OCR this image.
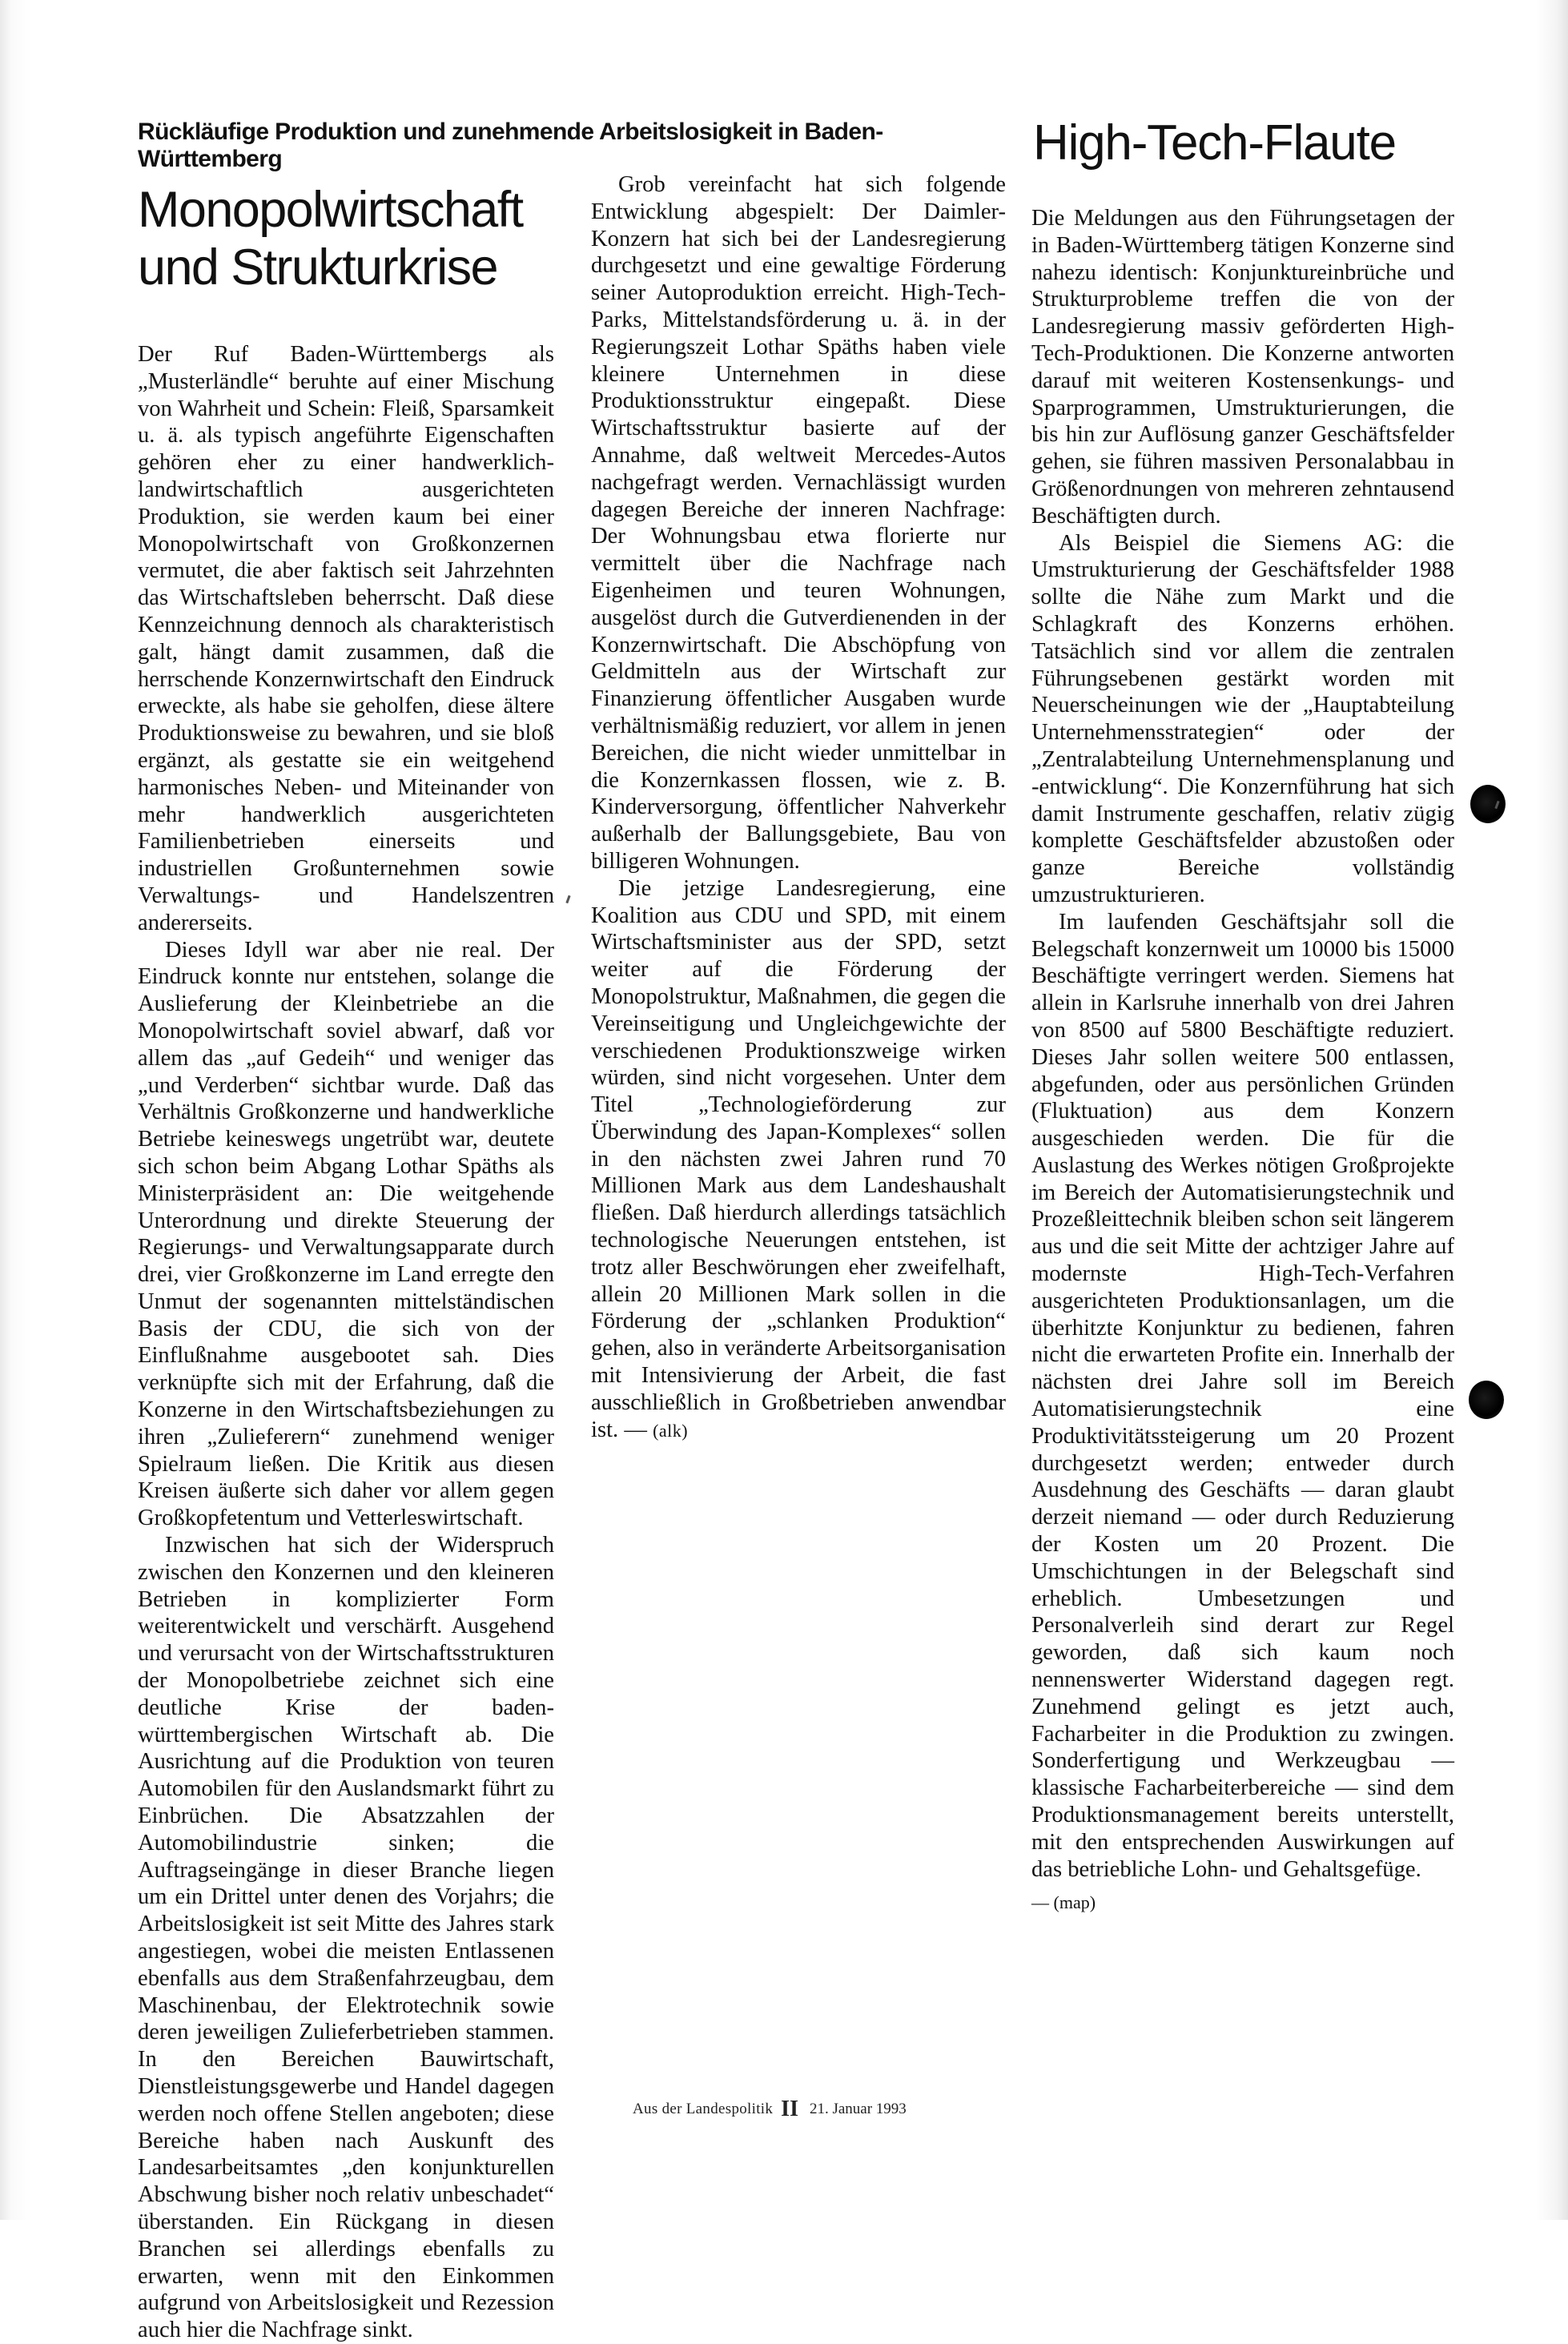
Rückläufige Produktion und zunehmende Arbeitslosigkeit in Baden-Württemberg
Monopolwirtschaft
und Strukturkrise
High-Tech-Flaute

Der Ruf Baden-Württembergs als „Musterländle“ beruhte auf einer Mischung von Wahrheit und Schein: Fleiß, Sparsamkeit u. ä. als typisch angeführte Eigenschaften gehören eher zu einer handwerklich-landwirtschaftlich ausgerichteten Produktion, sie werden kaum bei einer Monopolwirtschaft von Großkonzernen vermutet, die aber faktisch seit Jahrzehnten das Wirtschaftsleben beherrscht. Daß diese Kennzeichnung dennoch als charakteristisch galt, hängt damit zusammen, daß die herrschende Konzernwirtschaft den Eindruck erweckte, als habe sie geholfen, diese ältere Produktionsweise zu bewahren, und sie bloß ergänzt, als gestatte sie ein weitgehend harmonisches Neben- und Miteinander von mehr handwerklich ausgerichteten Familienbetrieben einerseits und industriellen Großunternehmen sowie Verwaltungs- und Handelszentren andererseits.

Dieses Idyll war aber nie real. Der Eindruck konnte nur entstehen, solange die Auslieferung der Kleinbetriebe an die Monopolwirtschaft soviel abwarf, daß vor allem das „auf Gedeih“ und weniger das „und Verderben“ sichtbar wurde. Daß das Verhältnis Großkonzerne und handwerkliche Betriebe keineswegs ungetrübt war, deutete sich schon beim Abgang Lothar Späths als Ministerpräsident an: Die weitgehende Unterordnung und direkte Steuerung der Regierungs- und Verwaltungsapparate durch drei, vier Großkonzerne im Land erregte den Unmut der sogenannten mittelständischen Basis der CDU, die sich von der Einflußnahme ausgebootet sah. Dies verknüpfte sich mit der Erfahrung, daß die Konzerne in den Wirtschaftsbeziehungen zu ihren „Zulieferern“ zunehmend weniger Spielraum ließen. Die Kritik aus diesen Kreisen äußerte sich daher vor allem gegen Großkopfetentum und Vetterleswirtschaft.

Inzwischen hat sich der Widerspruch zwischen den Konzernen und den kleineren Betrieben in komplizierter Form weiterentwickelt und verschärft. Ausgehend und verursacht von der Wirtschaftsstrukturen der Monopolbetriebe zeichnet sich eine deutliche Krise der baden-württembergischen Wirtschaft ab. Die Ausrichtung auf die Produktion von teuren Automobilen für den Auslandsmarkt führt zu Einbrüchen. Die Absatzzahlen der Automobilindustrie sinken; die Auftragseingänge in dieser Branche liegen um ein Drittel unter denen des Vorjahrs; die Arbeitslosigkeit ist seit Mitte des Jahres stark angestiegen, wobei die meisten Entlassenen ebenfalls aus dem Straßenfahrzeugbau, dem Maschinenbau, der Elektrotechnik sowie deren jeweiligen Zulieferbetrieben stammen. In den Bereichen Bauwirtschaft, Dienstleistungsgewerbe und Handel dagegen werden noch offene Stellen angeboten; diese Bereiche haben nach Auskunft des Landesarbeitsamtes „den konjunkturellen Abschwung bisher noch relativ unbeschadet“ überstanden. Ein Rückgang in diesen Branchen sei allerdings ebenfalls zu erwarten, wenn mit den Einkommen aufgrund von Arbeitslosigkeit und Rezession auch hier die Nachfrage sinkt.

Grob vereinfacht hat sich folgende Entwicklung abgespielt: Der Daimler-Konzern hat sich bei der Landesregierung durchgesetzt und eine gewaltige Förderung seiner Autoproduktion erreicht. High-Tech-Parks, Mittelstandsförderung u. ä. in der Regierungszeit Lothar Späths haben viele kleinere Unternehmen in diese Produktionsstruktur eingepaßt. Diese Wirtschaftsstruktur basierte auf der Annahme, daß weltweit Mercedes-Autos nachgefragt werden. Vernachlässigt wurden dagegen Bereiche der inneren Nachfrage: Der Wohnungsbau etwa florierte nur vermittelt über die Nachfrage nach Eigenheimen und teuren Wohnungen, ausgelöst durch die Gutverdienenden in der Konzernwirtschaft. Die Abschöpfung von Geldmitteln aus der Wirtschaft zur Finanzierung öffentlicher Ausgaben wurde verhältnismäßig reduziert, vor allem in jenen Bereichen, die nicht wieder unmittelbar in die Konzernkassen flossen, wie z. B. Kinderversorgung, öffentlicher Nahverkehr außerhalb der Ballungsgebiete, Bau von billigeren Wohnungen.

Die jetzige Landesregierung, eine Koalition aus CDU und SPD, mit einem Wirtschaftsminister aus der SPD, setzt weiter auf die Förderung der Monopolstruktur, Maßnahmen, die gegen die Vereinseitigung und Ungleichgewichte der verschiedenen Produktionszweige wirken würden, sind nicht vorgesehen. Unter dem Titel „Technologieförderung zur Überwindung des Japan-Komplexes“ sollen in den nächsten zwei Jahren rund 70 Millionen Mark aus dem Landeshaushalt fließen. Daß hierdurch allerdings tatsächlich technologische Neuerungen entstehen, ist trotz aller Beschwörungen eher zweifelhaft, allein 20 Millionen Mark sollen in die Förderung der „schlanken Produktion“ gehen, also in veränderte Arbeitsorganisation mit Intensivierung der Arbeit, die fast ausschließlich in Großbetrieben anwendbar ist. — (alk)

Die Meldungen aus den Führungsetagen der in Baden-Württemberg tätigen Konzerne sind nahezu identisch: Konjunktureinbrüche und Strukturprobleme treffen die von der Landesregierung massiv geförderten High-Tech-Produktionen. Die Konzerne antworten darauf mit weiteren Kostensenkungs- und Sparprogrammen, Umstrukturierungen, die bis hin zur Auflösung ganzer Geschäftsfelder gehen, sie führen massiven Personalabbau in Größenordnungen von mehreren zehntausend Beschäftigten durch.

Als Beispiel die Siemens AG: die Umstrukturierung der Geschäftsfelder 1988 sollte die Nähe zum Markt und die Schlagkraft des Konzerns erhöhen. Tatsächlich sind vor allem die zentralen Führungsebenen gestärkt worden mit Neuerscheinungen wie der „Hauptabteilung Unternehmensstrategien“ oder der „Zentralabteilung Unternehmensplanung und -entwicklung“. Die Konzernführung hat sich damit Instrumente geschaffen, relativ zügig komplette Geschäftsfelder abzustoßen oder ganze Bereiche vollständig umzustrukturieren.

Im laufenden Geschäftsjahr soll die Belegschaft konzernweit um 10000 bis 15000 Beschäftigte verringert werden. Siemens hat allein in Karlsruhe innerhalb von drei Jahren von 8500 auf 5800 Beschäftigte reduziert. Dieses Jahr sollen weitere 500 entlassen, abgefunden, oder aus persönlichen Gründen (Fluktuation) aus dem Konzern ausgeschieden werden. Die für die Auslastung des Werkes nötigen Großprojekte im Bereich der Automatisierungstechnik und Prozeßleittechnik bleiben schon seit längerem aus und die seit Mitte der achtziger Jahre auf modernste High-Tech-Verfahren ausgerichteten Produktionsanlagen, um die überhitzte Konjunktur zu bedienen, fahren nicht die erwarteten Profite ein. Innerhalb der nächsten drei Jahre soll im Bereich Automatisierungstechnik eine Produktivitätssteigerung um 20 Prozent durchgesetzt werden; entweder durch Ausdehnung des Geschäfts — daran glaubt derzeit niemand — oder durch Reduzierung der Kosten um 20 Prozent. Die Umschichtungen in der Belegschaft sind erheblich. Umbesetzungen und Personalverleih sind derart zur Regel geworden, daß sich kaum noch nennenswerter Widerstand dagegen regt. Zunehmend gelingt es jetzt auch, Facharbeiter in die Produktion zu zwingen. Sonderfertigung und Werkzeugbau — klassische Facharbeiterbereiche — sind dem Produktionsmanagement bereits unterstellt, mit den entsprechenden Auswirkungen auf das betriebliche Lohn- und Gehaltsgefüge.

— (map)
Aus der Landespolitik II 21. Januar 1993
